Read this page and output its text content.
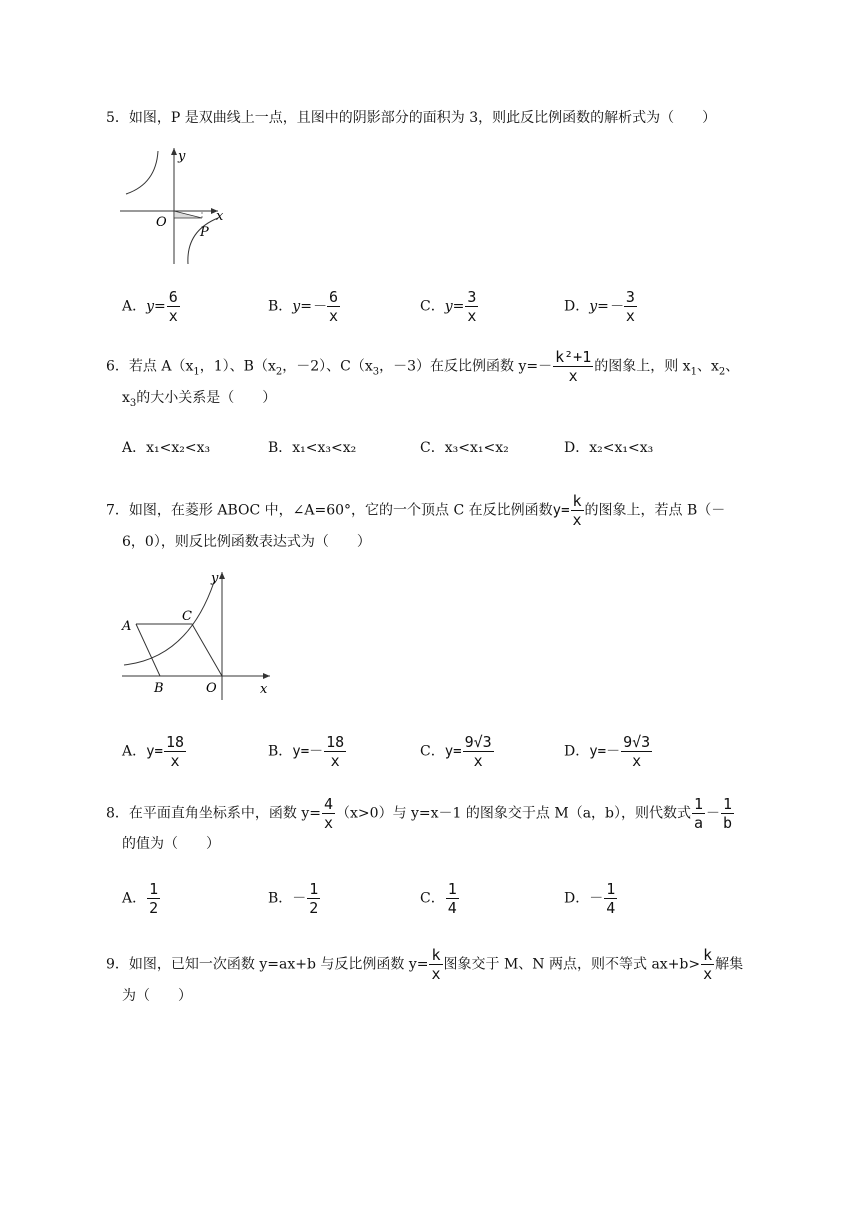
5．如图，P 是双曲线上一点，且图中的阴影部分的面积为 3，则此反比例函数的解析式为（　　）
y
x
O
P
A．$y= \frac{6}{x}$	B．$y=- \frac{6}{x}$	C．$y= \frac{3}{x}$	D．$y=- \frac{3}{x}$
6．若点 $A(x_1$，1）、$B(x_2$，－2）、$C(x_3$，－3）在反比例函数 $y=- \frac{\text{k²+1}}{x}$ 的图象上，则 $x_1$、$x_2$、
$x_3$的大小关系是（　　）
A．x₁<x₂<x₃	B．x₁<x₃<x₂	C．x₃<x₁<x₂	D．x₂<x₁<x₃
7．如图，在菱形 ABOC 中，∠A=60°，它的一个顶点 C 在反比例函数$y= \frac{k}{x}$ 的图象上，若点 B（－
6，0），则反比例函数表达式为（　　）
y
x
A
B
C
O
A．$y= \frac{18}{x}$	B．$y=- \frac{18}{x}$	C．$y= \frac{9√3}{x}$	D．$y=- \frac{9√3}{x}$
8．在平面直角坐标系中，函数 $y= \frac{4}{x} (x>0)$与 y=x－1 的图象交于点 M（a，b），则代数式 $\frac{1}{a} - \frac{1}{b}$
的值为（　　）
A． $\frac{1}{2}$	B．－ $\frac{1}{2}$	C． $\frac{1}{4}$	D．－ $\frac{1}{4}$
9．如图，已知一次函数 y=ax+b 与反比例函数 $y= \frac{k}{x}$ 图象交于 M、N 两点，则不等式 $ax+b> \frac{k}{x}$ 解集
为（　　）
